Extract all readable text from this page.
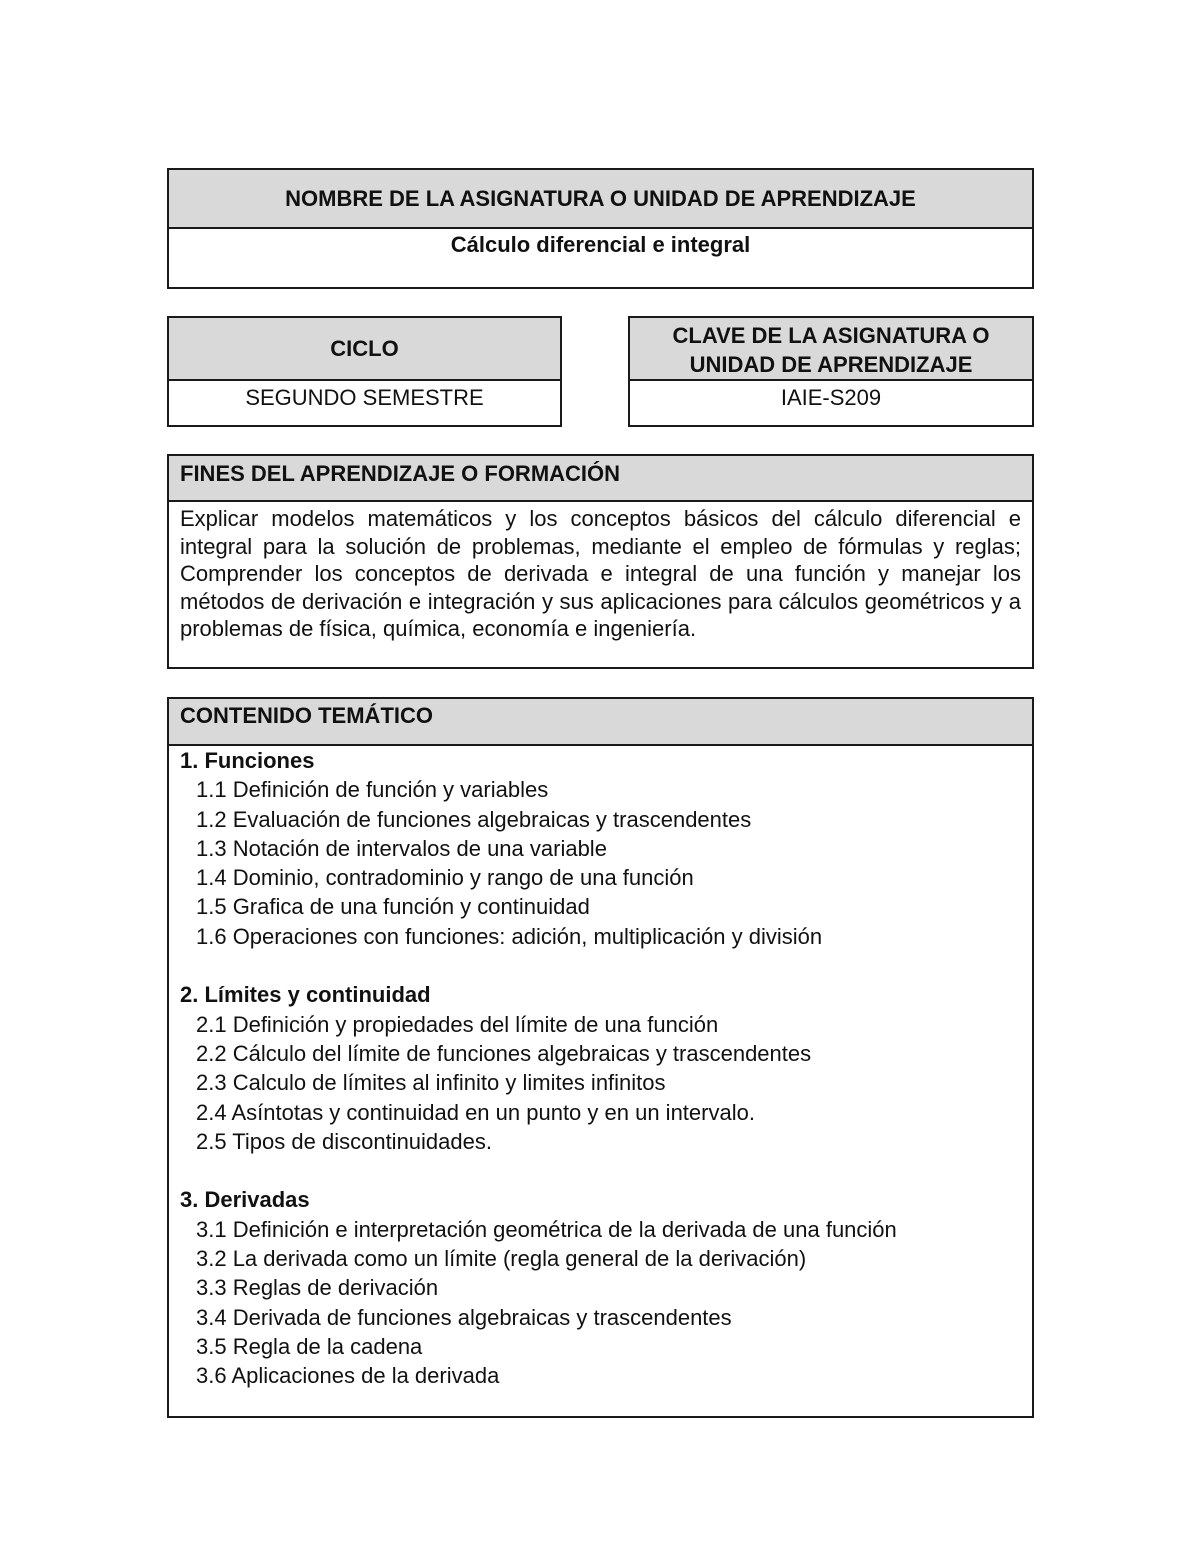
NOMBRE DE LA ASIGNATURA O UNIDAD DE APRENDIZAJE
Cálculo diferencial e integral
CICLO
SEGUNDO SEMESTRE
CLAVE DE LA ASIGNATURA O
UNIDAD DE APRENDIZAJE
IAIE-S209
FINES DEL APRENDIZAJE O FORMACIÓN
Explicar modelos matemáticos y los conceptos básicos del cálculo diferencial e integral para la solución de problemas, mediante el empleo de fórmulas y reglas; Comprender los conceptos de derivada e integral de una función y manejar los métodos de derivación e integración y sus aplicaciones para cálculos geométricos y a problemas de física, química, economía e ingeniería.
CONTENIDO TEMÁTICO
1. Funciones
1.1 Definición de función y variables
1.2 Evaluación de funciones algebraicas y trascendentes
1.3 Notación de intervalos de una variable
1.4 Dominio, contradominio y rango de una función
1.5 Grafica de una función y continuidad
1.6 Operaciones con funciones: adición, multiplicación y división
2. Límites y continuidad
2.1 Definición y propiedades del límite de una función
2.2 Cálculo del límite de funciones algebraicas y trascendentes
2.3 Calculo de límites al infinito y limites infinitos
2.4 Asíntotas y continuidad en un punto y en un intervalo.
2.5 Tipos de discontinuidades.
3. Derivadas
3.1 Definición e interpretación geométrica de la derivada de una función
3.2 La derivada como un límite (regla general de la derivación)
3.3 Reglas de derivación
3.4 Derivada de funciones algebraicas y trascendentes
3.5 Regla de la cadena
3.6 Aplicaciones de la derivada
